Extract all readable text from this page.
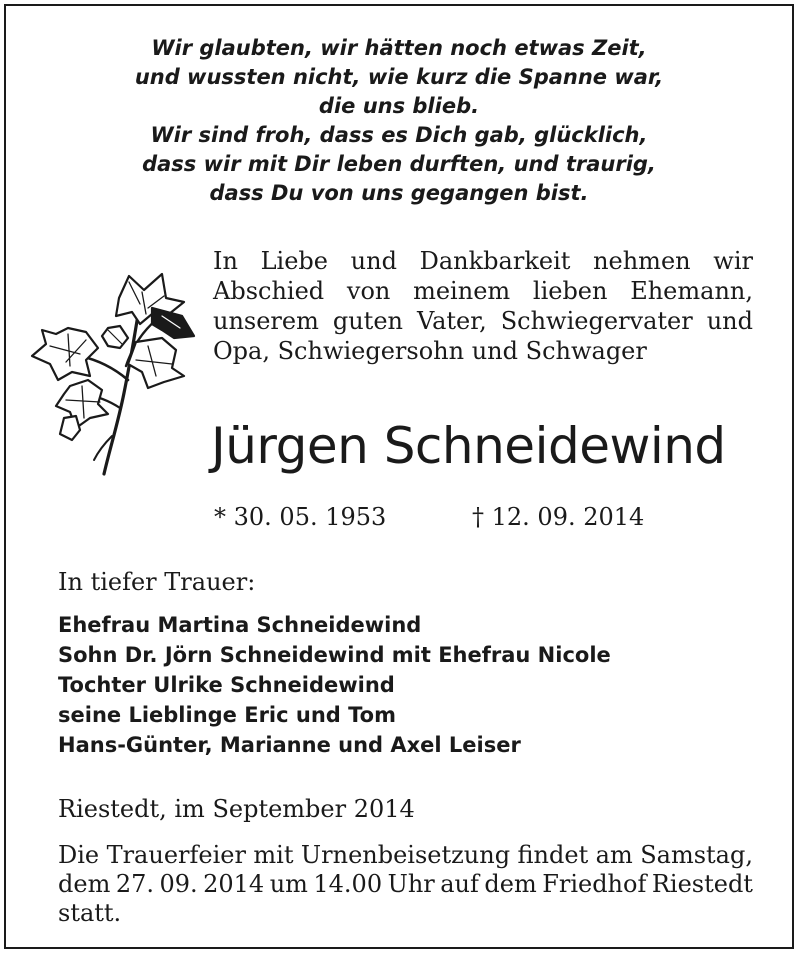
Wir glaubten, wir hätten noch etwas Zeit,
und wussten nicht, wie kurz die Spanne war,
die uns blieb.
Wir sind froh, dass es Dich gab, glücklich,
dass wir mit Dir leben durften, und traurig,
dass Du von uns gegangen bist.
In Liebe und Dankbarkeit nehmen wir
Abschied von meinem lieben Ehemann,
unserem guten Vater, Schwiegervater und
Opa, Schwiegersohn und Schwager
Jürgen Schneidewind
* 30. 05. 1953	† 12. 09. 2014
In tiefer Trauer:
Ehefrau Martina Schneidewind
Sohn Dr. Jörn Schneidewind mit Ehefrau Nicole
Tochter Ulrike Schneidewind
seine Lieblinge Eric und Tom
Hans-Günter, Marianne und Axel Leiser
Riestedt, im September 2014
Die Trauerfeier mit Urnenbeisetzung findet am Samstag,
dem 27. 09. 2014 um 14.00 Uhr auf dem Friedhof Riestedt
statt.
